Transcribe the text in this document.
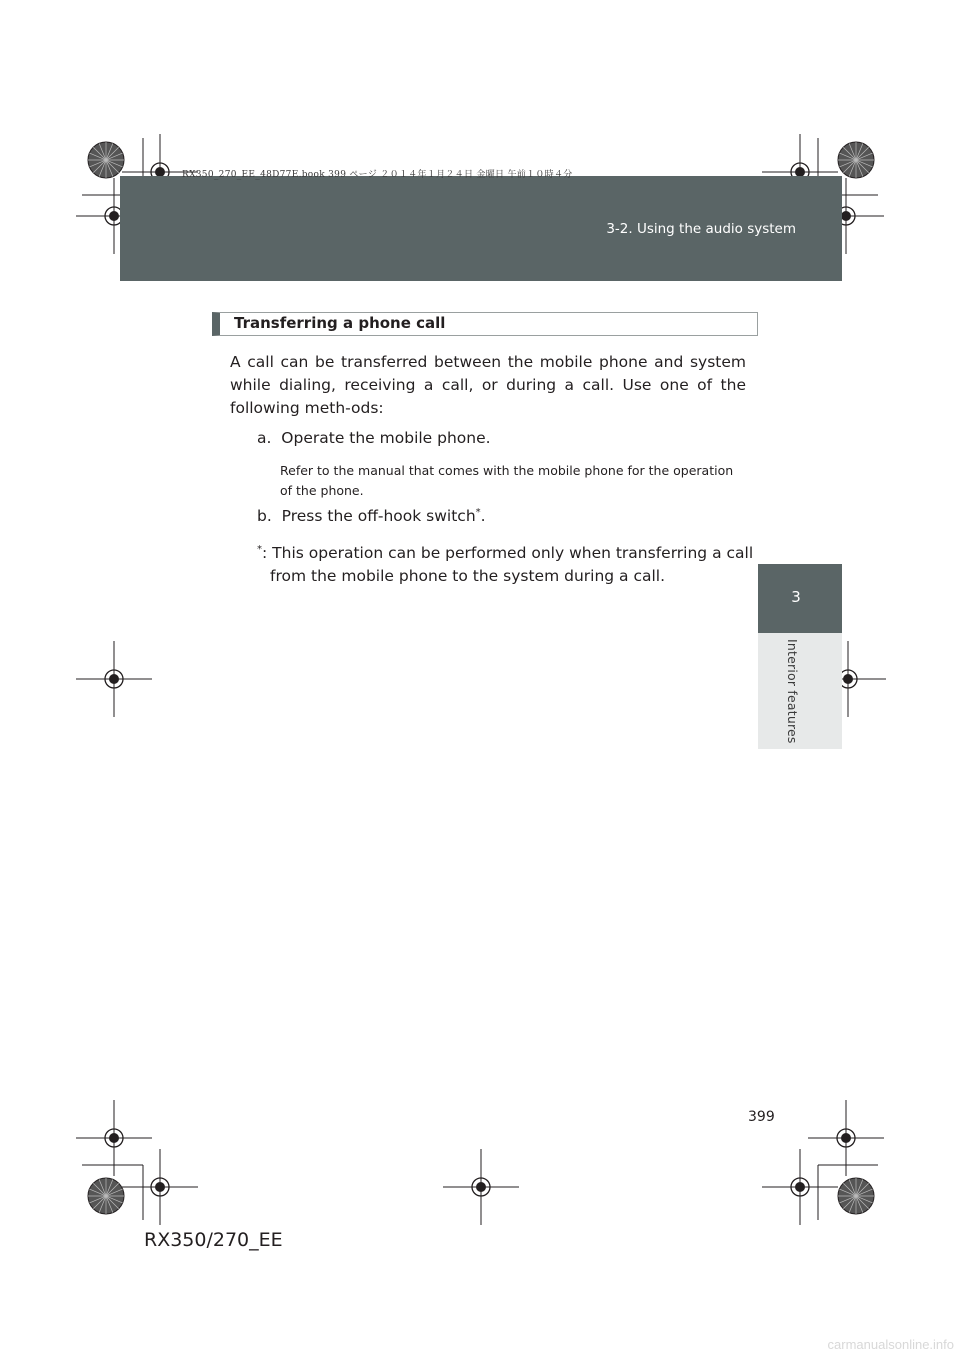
RX350_270_EE_48D77E.book 399 ページ ２０１４年１月２４日 金曜日 午前１０時４分
3-2. Using the audio system
3
Interior features
Transferring a phone call
A call can be transferred between the mobile phone and system while dialing, receiving a call, or during a call. Use one of the following meth-ods:
a. Operate the mobile phone.
Refer to the manual that comes with the mobile phone for the operation of the phone.
b. Press the off-hook switch*.
*: This operation can be performed only when transferring a call from the mobile phone to the system during a call.
399
RX350/270_EE
carmanualsonline.info
